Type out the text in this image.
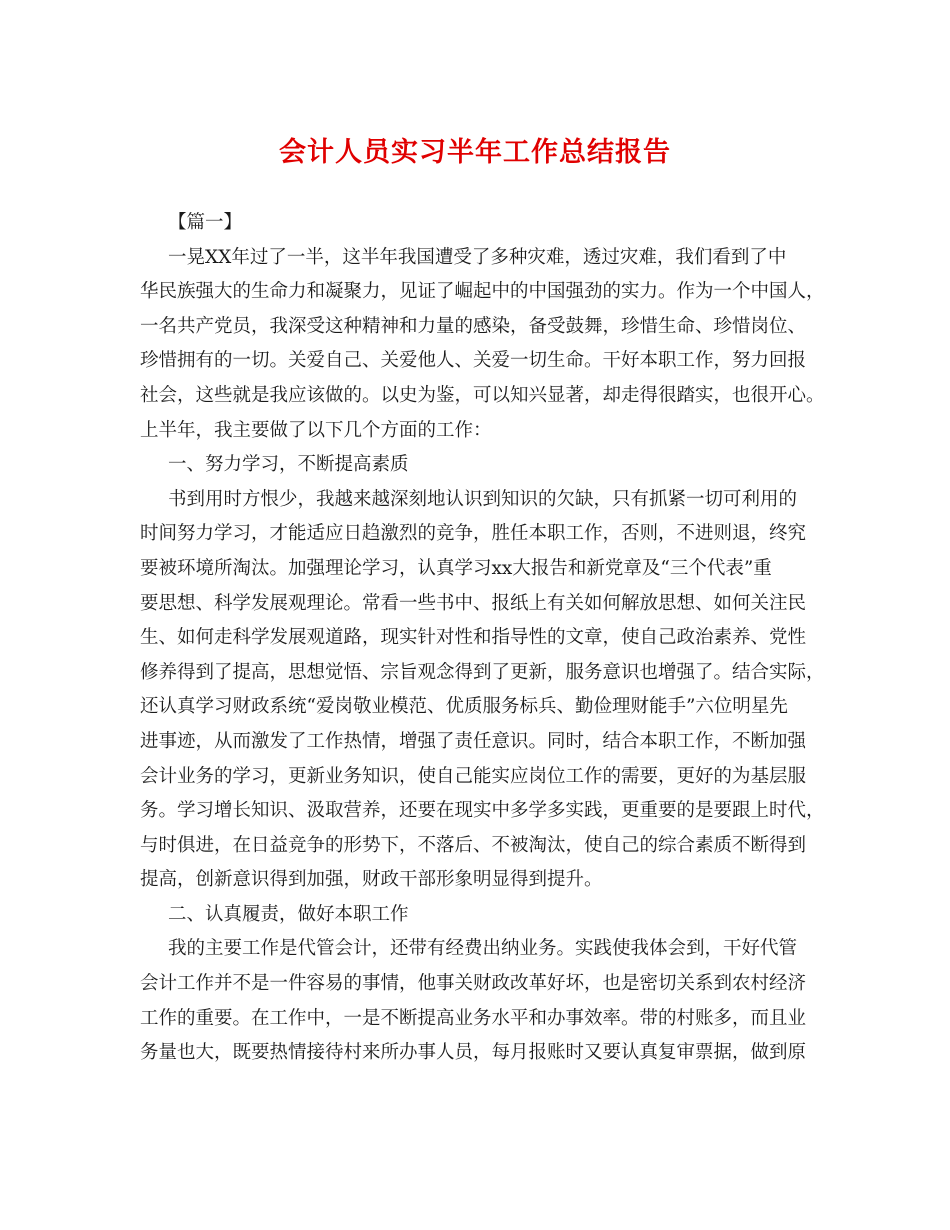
会计人员实习半年工作总结报告
【篇一】
一晃XX年过了一半，这半年我国遭受了多种灾难，透过灾难，我们看到了中
华民族强大的生命力和凝聚力，见证了崛起中的中国强劲的实力。作为一个中国人，
一名共产党员，我深受这种精神和力量的感染，备受鼓舞，珍惜生命、珍惜岗位、
珍惜拥有的一切。关爱自己、关爱他人、关爱一切生命。干好本职工作，努力回报
社会，这些就是我应该做的。以史为鉴，可以知兴显著，却走得很踏实，也很开心。
上半年，我主要做了以下几个方面的工作：
一、努力学习，不断提高素质
书到用时方恨少，我越来越深刻地认识到知识的欠缺，只有抓紧一切可利用的
时间努力学习，才能适应日趋激烈的竞争，胜任本职工作，否则，不进则退，终究
要被环境所淘汰。加强理论学习，认真学习xx大报告和新党章及“三个代表”重
要思想、科学发展观理论。常看一些书中、报纸上有关如何解放思想、如何关注民
生、如何走科学发展观道路，现实针对性和指导性的文章，使自己政治素养、党性
修养得到了提高，思想觉悟、宗旨观念得到了更新，服务意识也增强了。结合实际，
还认真学习财政系统“爱岗敬业模范、优质服务标兵、勤俭理财能手”六位明星先
进事迹，从而激发了工作热情，增强了责任意识。同时，结合本职工作，不断加强
会计业务的学习，更新业务知识，使自己能实应岗位工作的需要，更好的为基层服
务。学习增长知识、汲取营养，还要在现实中多学多实践，更重要的是要跟上时代，
与时俱进，在日益竞争的形势下，不落后、不被淘汰，使自己的综合素质不断得到
提高，创新意识得到加强，财政干部形象明显得到提升。
二、认真履责，做好本职工作
我的主要工作是代管会计，还带有经费出纳业务。实践使我体会到，干好代管
会计工作并不是一件容易的事情，他事关财政改革好坏，也是密切关系到农村经济
工作的重要。在工作中，一是不断提高业务水平和办事效率。带的村账多，而且业
务量也大，既要热情接待村来所办事人员，每月报账时又要认真复审票据，做到原
